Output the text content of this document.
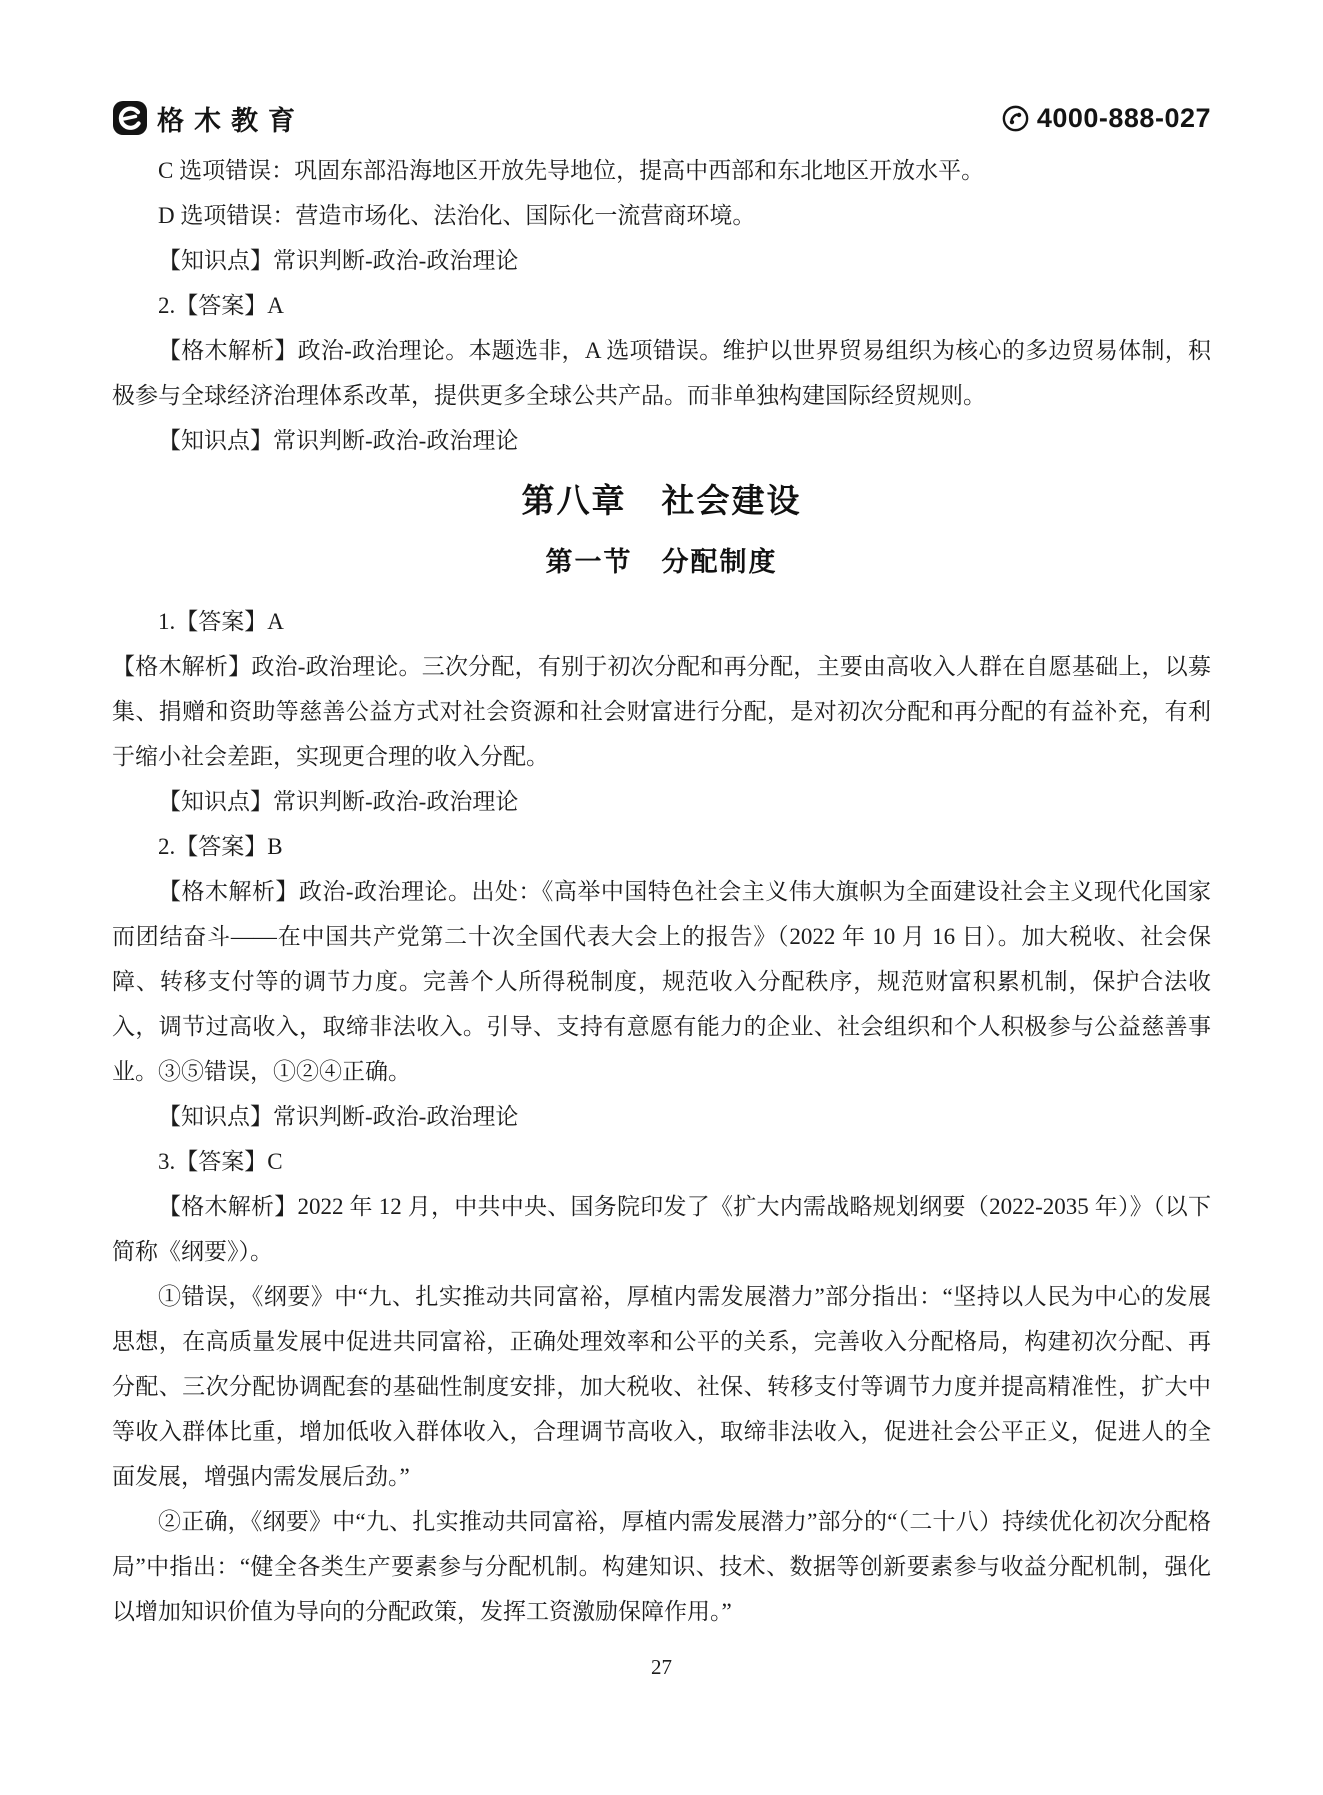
格木教育	4000-888-027

C 选项错误：巩固东部沿海地区开放先导地位，提高中西部和东北地区开放水平。

D 选项错误：营造市场化、法治化、国际化一流营商环境。

【知识点】常识判断-政治-政治理论

2.【答案】A

【格木解析】政治-政治理论。本题选非，A 选项错误。维护以世界贸易组织为核心的多边贸易体制，积极参与全球经济治理体系改革，提供更多全球公共产品。而非单独构建国际经贸规则。

【知识点】常识判断-政治-政治理论

第八章　社会建设
第一节　分配制度

1.【答案】A

【格木解析】政治-政治理论。三次分配，有别于初次分配和再分配，主要由高收入人群在自愿基础上，以募集、捐赠和资助等慈善公益方式对社会资源和社会财富进行分配，是对初次分配和再分配的有益补充，有利于缩小社会差距，实现更合理的收入分配。

【知识点】常识判断-政治-政治理论

2.【答案】B

【格木解析】政治-政治理论。出处：《高举中国特色社会主义伟大旗帜为全面建设社会主义现代化国家而团结奋斗——在中国共产党第二十次全国代表大会上的报告》（2022 年 10 月 16 日）。加大税收、社会保障、转移支付等的调节力度。完善个人所得税制度，规范收入分配秩序，规范财富积累机制，保护合法收入，调节过高收入，取缔非法收入。引导、支持有意愿有能力的企业、社会组织和个人积极参与公益慈善事业。③⑤错误，①②④正确。

【知识点】常识判断-政治-政治理论

3.【答案】C

【格木解析】2022 年 12 月，中共中央、国务院印发了《扩大内需战略规划纲要（2022-2035 年）》（以下简称《纲要》）。

①错误，《纲要》中“九、扎实推动共同富裕，厚植内需发展潜力”部分指出：“坚持以人民为中心的发展思想，在高质量发展中促进共同富裕，正确处理效率和公平的关系，完善收入分配格局，构建初次分配、再分配、三次分配协调配套的基础性制度安排，加大税收、社保、转移支付等调节力度并提高精准性，扩大中等收入群体比重，增加低收入群体收入，合理调节高收入，取缔非法收入，促进社会公平正义，促进人的全面发展，增强内需发展后劲。”

②正确，《纲要》中“九、扎实推动共同富裕，厚植内需发展潜力”部分的“（二十八）持续优化初次分配格局”中指出：“健全各类生产要素参与分配机制。构建知识、技术、数据等创新要素参与收益分配机制，强化以增加知识价值为导向的分配政策，发挥工资激励保障作用。”

27
